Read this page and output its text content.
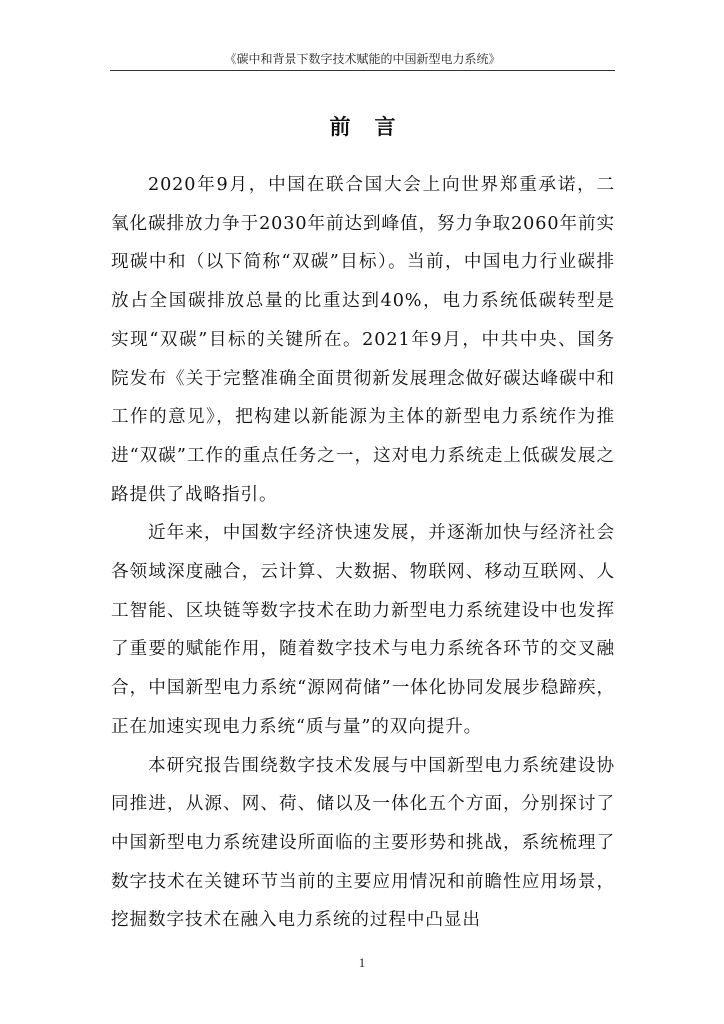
《碳中和背景下数字技术赋能的中国新型电力系统》
前言

2020年9月，中国在联合国大会上向世界郑重承诺，二氧化碳排放力争于2030年前达到峰值，努力争取2060年前实现碳中和（以下简称“双碳”目标）。当前，中国电力行业碳排放占全国碳排放总量的比重达到40%，电力系统低碳转型是实现“双碳”目标的关键所在。2021年9月，中共中央、国务院发布《关于完整准确全面贯彻新发展理念做好碳达峰碳中和工作的意见》，把构建以新能源为主体的新型电力系统作为推进“双碳”工作的重点任务之一，这对电力系统走上低碳发展之路提供了战略指引。

近年来，中国数字经济快速发展，并逐渐加快与经济社会各领域深度融合，云计算、大数据、物联网、移动互联网、人工智能、区块链等数字技术在助力新型电力系统建设中也发挥了重要的赋能作用，随着数字技术与电力系统各环节的交叉融合，中国新型电力系统“源网荷储”一体化协同发展步稳蹄疾，正在加速实现电力系统“质与量”的双向提升。

本研究报告围绕数字技术发展与中国新型电力系统建设协同推进，从源、网、荷、储以及一体化五个方面，分别探讨了中国新型电力系统建设所面临的主要形势和挑战，系统梳理了数字技术在关键环节当前的主要应用情况和前瞻性应用场景，挖掘数字技术在融入电力系统的过程中凸显出

1
